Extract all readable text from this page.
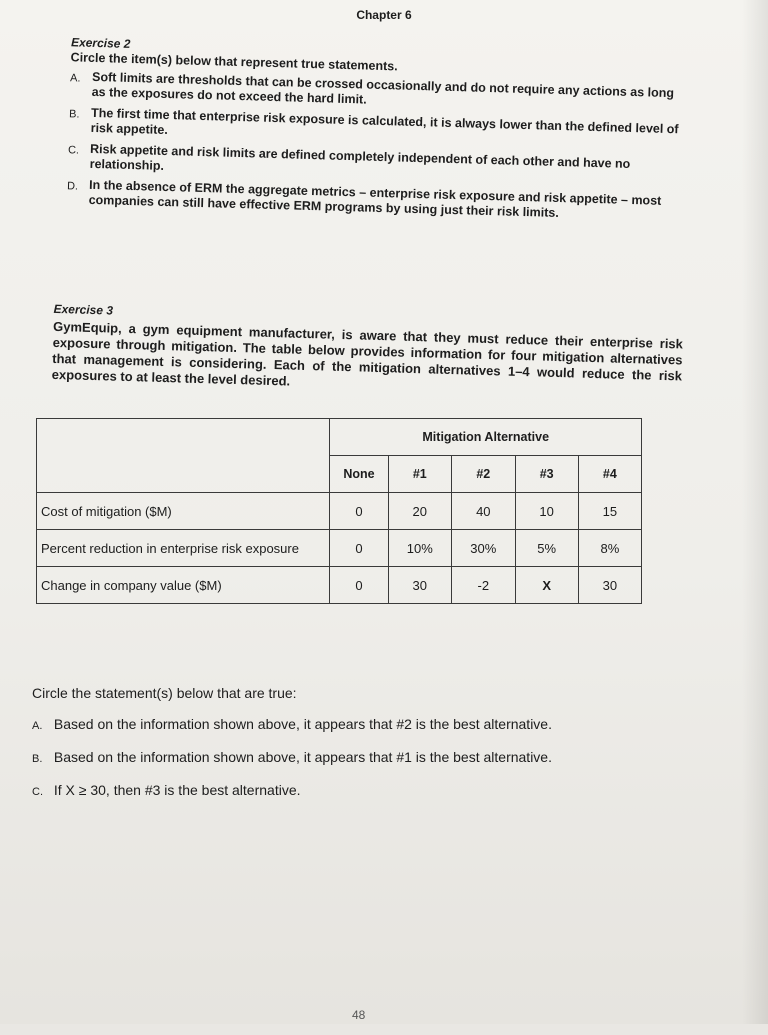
Chapter 6
Exercise 2
Circle the item(s) below that represent true statements.
A. Soft limits are thresholds that can be crossed occasionally and do not require any actions as long as the exposures do not exceed the hard limit.
B. The first time that enterprise risk exposure is calculated, it is always lower than the defined level of risk appetite.
C. Risk appetite and risk limits are defined completely independent of each other and have no relationship.
D. In the absence of ERM the aggregate metrics – enterprise risk exposure and risk appetite – most companies can still have effective ERM programs by using just their risk limits.
Exercise 3

GymEquip, a gym equipment manufacturer, is aware that they must reduce their enterprise risk exposure through mitigation. The table below provides information for four mitigation alternatives that management is considering. Each of the mitigation alternatives 1–4 would reduce the risk exposures to at least the level desired.

	Mitigation Alternative				
	None	#1	#2	#3	#4
Cost of mitigation ($M)	0	20	40	10	15
Percent reduction in enterprise risk exposure	0	10%	30%	5%	8%
Change in company value ($M)	0	30	-2	X	30
Circle the statement(s) below that are true:
A. Based on the information shown above, it appears that #2 is the best alternative.
B. Based on the information shown above, it appears that #1 is the best alternative.
C. If X ≥ 30, then #3 is the best alternative.
48
